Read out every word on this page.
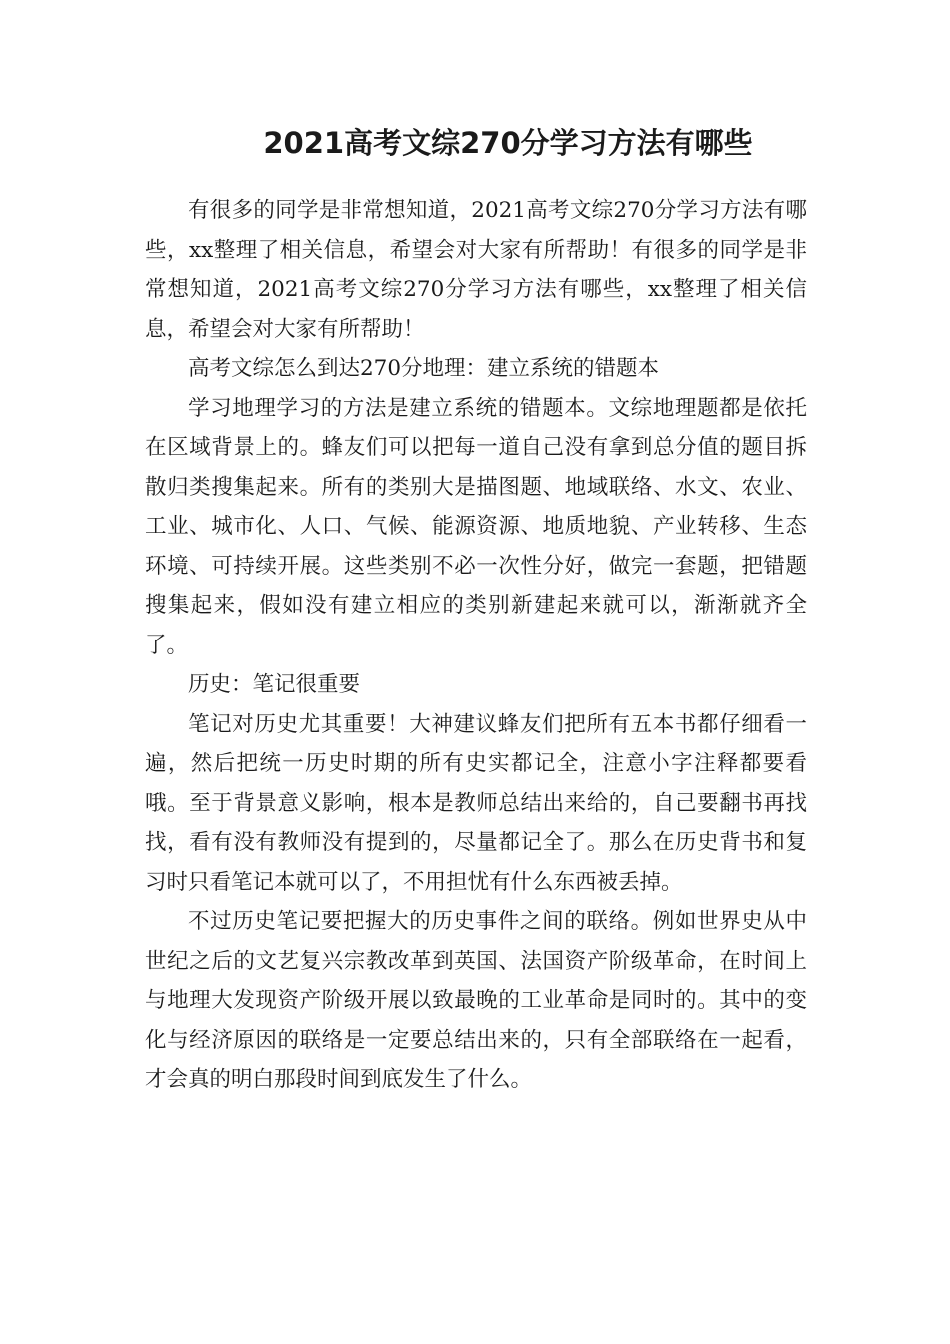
2021高考文综270分学习方法有哪些

有很多的同学是非常想知道，2021高考文综270分学习方法有哪些，xx整理了相关信息，希望会对大家有所帮助！有很多的同学是非常想知道，2021高考文综270分学习方法有哪些，xx整理了相关信息，希望会对大家有所帮助！

高考文综怎么到达270分地理：建立系统的错题本

学习地理学习的方法是建立系统的错题本。文综地理题都是依托在区域背景上的。蜂友们可以把每一道自己没有拿到总分值的题目拆散归类搜集起来。所有的类别大是描图题、地域联络、水文、农业、工业、城市化、人口、气候、能源资源、地质地貌、产业转移、生态环境、可持续开展。这些类别不必一次性分好，做完一套题，把错题搜集起来，假如没有建立相应的类别新建起来就可以，渐渐就齐全了。

历史：笔记很重要

笔记对历史尤其重要！大神建议蜂友们把所有五本书都仔细看一遍，然后把统一历史时期的所有史实都记全，注意小字注释都要看哦。至于背景意义影响，根本是教师总结出来给的，自己要翻书再找找，看有没有教师没有提到的，尽量都记全了。那么在历史背书和复习时只看笔记本就可以了，不用担忧有什么东西被丢掉。

不过历史笔记要把握大的历史事件之间的联络。例如世界史从中世纪之后的文艺复兴宗教改革到英国、法国资产阶级革命，在时间上与地理大发现资产阶级开展以致最晚的工业革命是同时的。其中的变化与经济原因的联络是一定要总结出来的，只有全部联络在一起看，才会真的明白那段时间到底发生了什么。
